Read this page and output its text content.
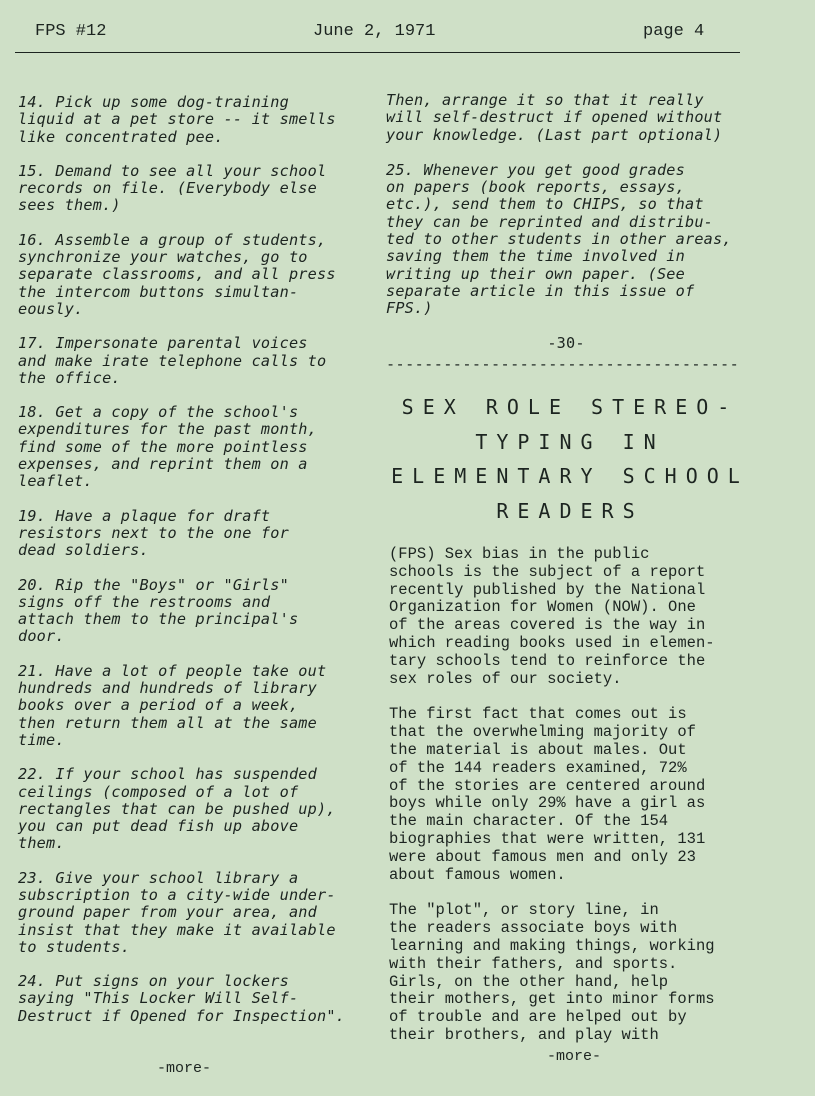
FPS #12	June 2, 1971	page 4
14. Pick up some dog-training
liquid at a pet store -- it smells
like concentrated pee.
15. Demand to see all your school
records on file. (Everybody else
sees them.)
16. Assemble a group of students,
synchronize your watches, go to
separate classrooms, and all press
the intercom buttons simultan-
eously.
17. Impersonate parental voices
and make irate telephone calls to
the office.
18. Get a copy of the school's
expenditures for the past month,
find some of the more pointless
expenses, and reprint them on a
leaflet.
19. Have a plaque for draft
resistors next to the one for
dead soldiers.
20. Rip the "Boys" or "Girls"
signs off the restrooms and
attach them to the principal's
door.
21. Have a lot of people take out
hundreds and hundreds of library
books over a period of a week,
then return them all at the same
time.
22. If your school has suspended
ceilings (composed of a lot of
rectangles that can be pushed up),
you can put dead fish up above
them.
23. Give your school library a
subscription to a city-wide under-
ground paper from your area, and
insist that they make it available
to students.
24. Put signs on your lockers
saying "This Locker Will Self-
Destruct if Opened for Inspection".
Then, arrange it so that it really
will self-destruct if opened without
your knowledge. (Last part optional)
25. Whenever you get good grades
on papers (book reports, essays,
etc.), send them to CHIPS, so that
they can be reprinted and distribu-
ted to other students in other areas,
saving them the time involved in
writing up their own paper. (See
separate article in this issue of
FPS.)
-30-
-------------------------------------
SEX ROLE STEREO-
TYPING IN
ELEMENTARY SCHOOL
READERS

(FPS) Sex bias in the public
schools is the subject of a report
recently published by the National
Organization for Women (NOW). One
of the areas covered is the way in
which reading books used in elemen-
tary schools tend to reinforce the
sex roles of our society.

The first fact that comes out is
that the overwhelming majority of
the material is about males. Out
of the 144 readers examined, 72%
of the stories are centered around
boys while only 29% have a girl as
the main character. Of the 154
biographies that were written, 131
were about famous men and only 23
about famous women.

The "plot", or story line, in
the readers associate boys with
learning and making things, working
with their fathers, and sports.
Girls, on the other hand, help
their mothers, get into minor forms
of trouble and are helped out by
their brothers, and play with

-more-
-more-
